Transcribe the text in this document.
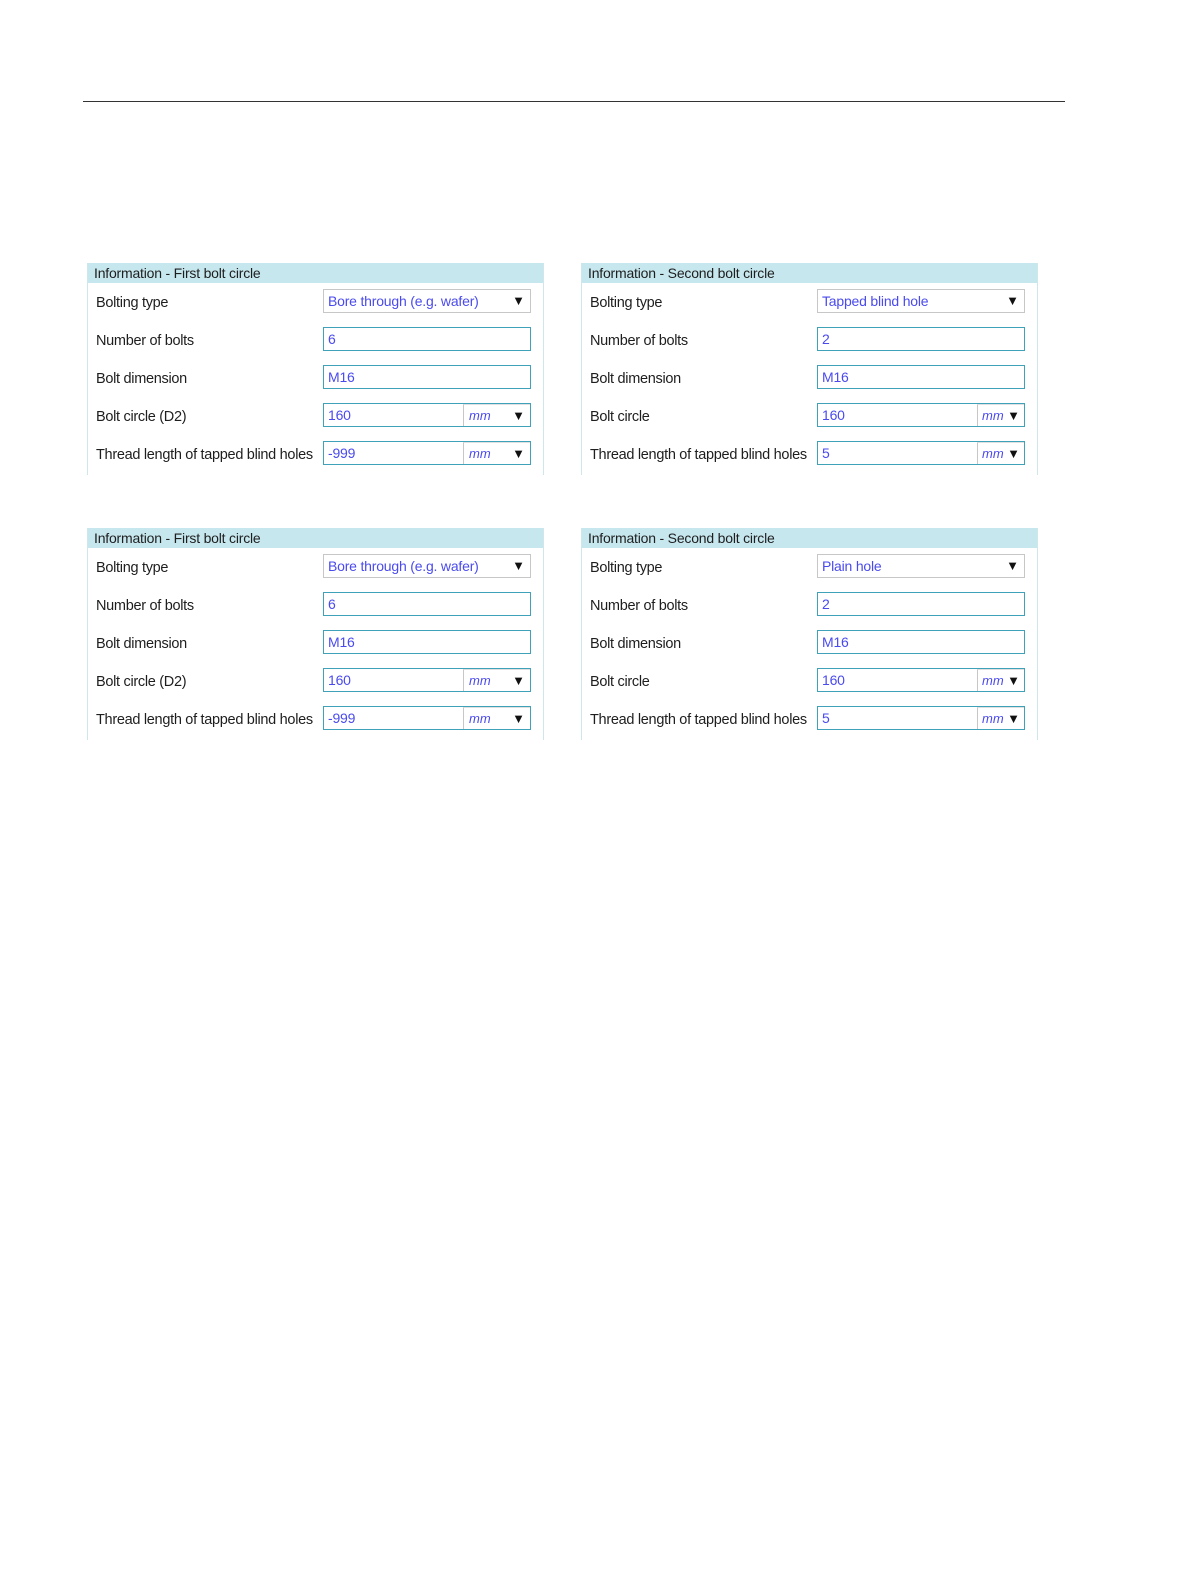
Information - First bolt circle
Bolting type	Bore through (e.g. wafer)	▼
Number of bolts	6
Bolt dimension	M16
Bolt circle (D2)	160	mm ▼
Thread length of tapped blind holes -999	mm ▼
Information - Second bolt circle
Bolting type	Tapped blind hole	▼
Number of bolts	2
Bolt dimension	M16
Bolt circle	160	mm ▼
Thread length of tapped blind holes 5	mm ▼
Information - First bolt circle
Bolting type	Bore through (e.g. wafer)	▼
Number of bolts	6
Bolt dimension	M16
Bolt circle (D2)	160	mm ▼
Thread length of tapped blind holes -999	mm ▼
Information - Second bolt circle
Bolting type	Plain hole	▼
Number of bolts	2
Bolt dimension	M16
Bolt circle	160	mm ▼
Thread length of tapped blind holes 5	mm ▼
